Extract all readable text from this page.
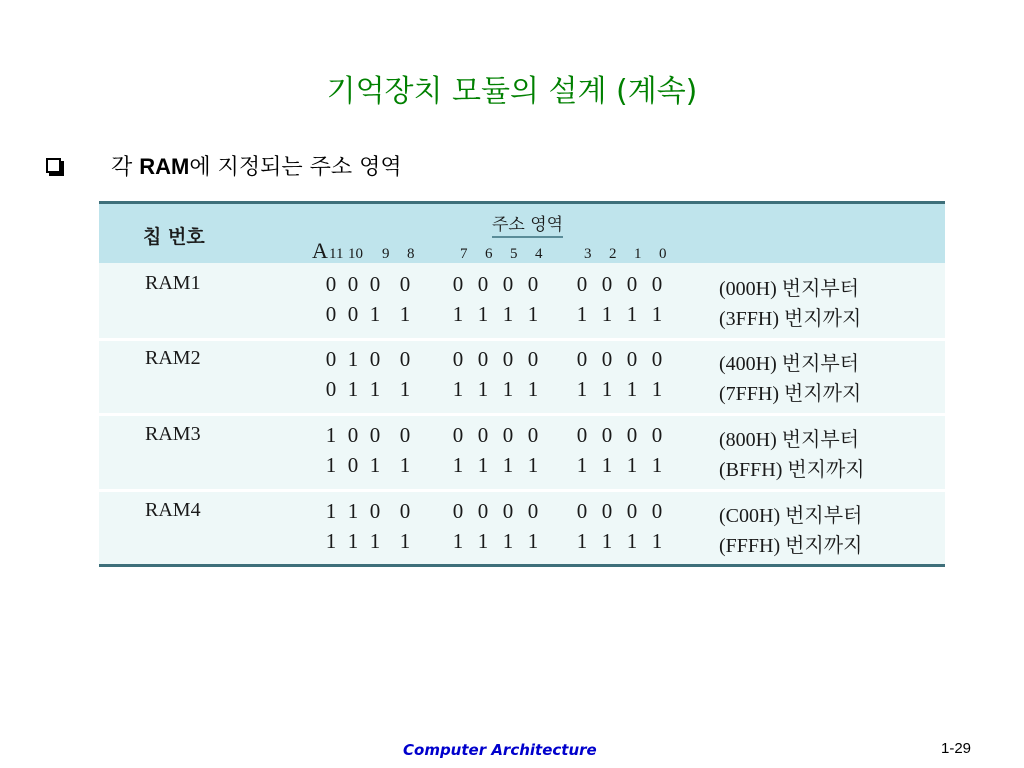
기억장치 모듈의 설계 (계속)
각 RAM에 지정되는 주소 영역
칩 번호
주소 영역
A 11 10 9 8	7 6 5 4	3 2 1 0
RAM1	0 0 0 0 0 0 0 0 0 0 0 0	(000H) 번지부터
0 0 1 1 1 1 1 1 1 1 1 1	(3FFH) 번지까지
RAM2	0 1 0 0 0 0 0 0 0 0 0 0	(400H) 번지부터
0 1 1 1 1 1 1 1 1 1 1 1	(7FFH) 번지까지
RAM3	1 0 0 0 0 0 0 0 0 0 0 0	(800H) 번지부터
1 0 1 1 1 1 1 1 1 1 1 1	(BFFH) 번지까지
RAM4	1 1 0 0 0 0 0 0 0 0 0 0	(C00H) 번지부터
1 1 1 1 1 1 1 1 1 1 1 1	(FFFH) 번지까지
Computer Architecture	1-29
